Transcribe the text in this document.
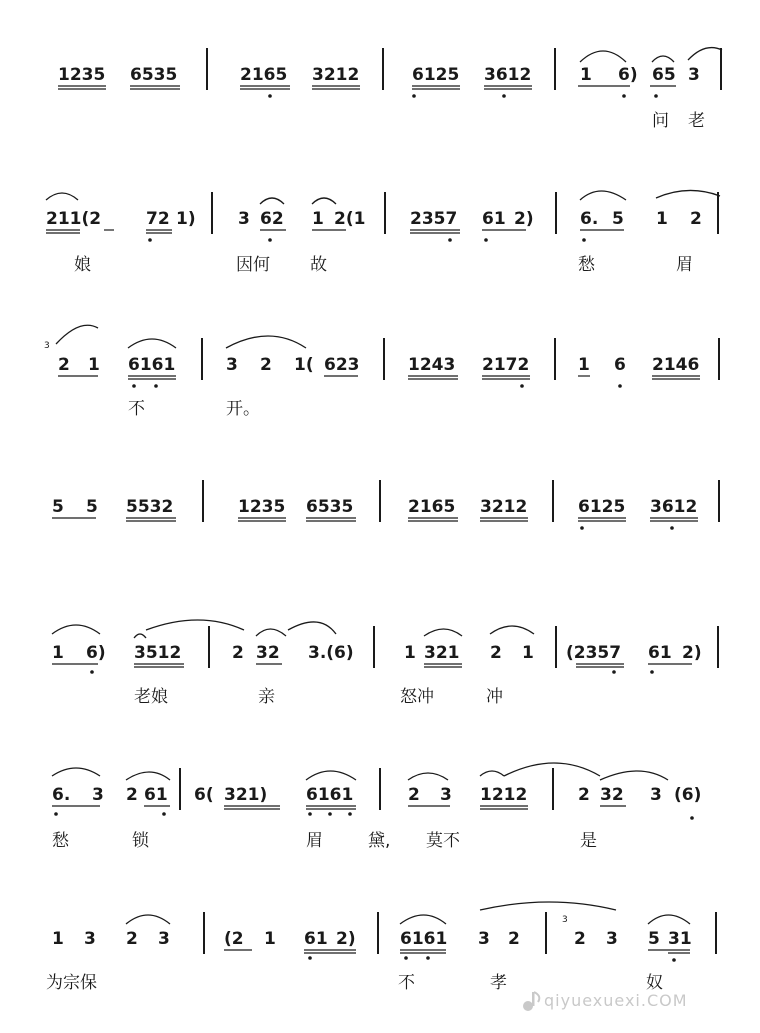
1235 6535	2165 3212	6125 3612	1 6) 65 3
问 老
211(2	72 1) 3 62 1 2(1	2357 61 2)	6. 5 1 2
娘	因何 故	愁	眉
3
2 1 6161	3 2 1( 623	1243 2172	1 6 2146
不	开。
5 5 5532	1235 6535	2165 3212	6125 3612
1 6) 3512	2 32 3.(6)	1 321 2 1 (2357 61 2)
老娘	亲	怒冲	冲
6. 3 2 61 6( 321) 6161	2 3 1212	2 32 3 (6)
愁	锁	眉	黛, 莫不	是
1 3 2 3	(2 1 61 2)	6161 3 2
3
2 3 5 31
为宗保	不	孝	奴
qiyuexuexi.COM
